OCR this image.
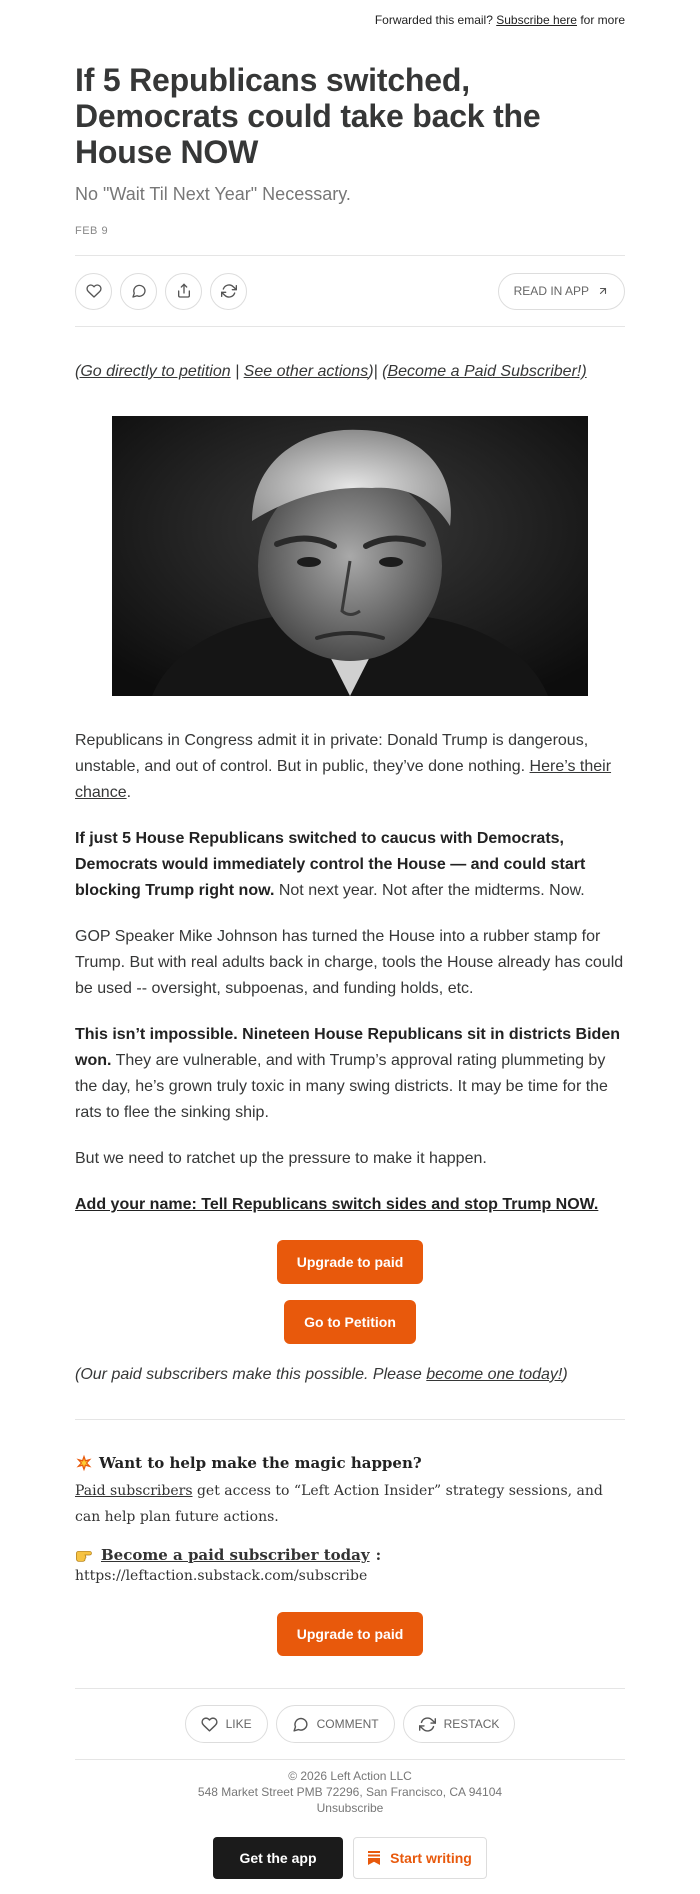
Forwarded this email? Subscribe here for more
If 5 Republicans switched, Democrats could take back the House NOW
No "Wait Til Next Year" Necessary.
FEB 9
READ IN APP
(Go directly to petition | See other actions)| (Become a Paid Subscriber!)

Republicans in Congress admit it in private: Donald Trump is dangerous, unstable, and out of control. But in public, they’ve done nothing. Here’s their chance.

If just 5 House Republicans switched to caucus with Democrats, Democrats would immediately control the House — and could start blocking Trump right now. Not next year. Not after the midterms. Now.

GOP Speaker Mike Johnson has turned the House into a rubber stamp for Trump. But with real adults back in charge, tools the House already has could be used -- oversight, subpoenas, and funding holds, etc.

This isn’t impossible. Nineteen House Republicans sit in districts Biden won. They are vulnerable, and with Trump’s approval rating plummeting by the day, he’s grown truly toxic in many swing districts. It may be time for the rats to flee the sinking ship.

But we need to ratchet up the pressure to make it happen.

Add your name: Tell Republicans switch sides and stop Trump NOW.

Upgrade to paid
Go to Petition
(Our paid subscribers make this possible. Please become one today!)
Want to help make the magic happen?
Paid subscribers get access to “Left Action Insider” strategy sessions, and can help plan future actions.
Become a paid subscriber today :
https://leftaction.substack.com/subscribe
Upgrade to paid
LIKE	COMMENT	RESTACK
© 2026 Left Action LLC
548 Market Street PMB 72296, San Francisco, CA 94104
Unsubscribe
Get the app	Start writing
